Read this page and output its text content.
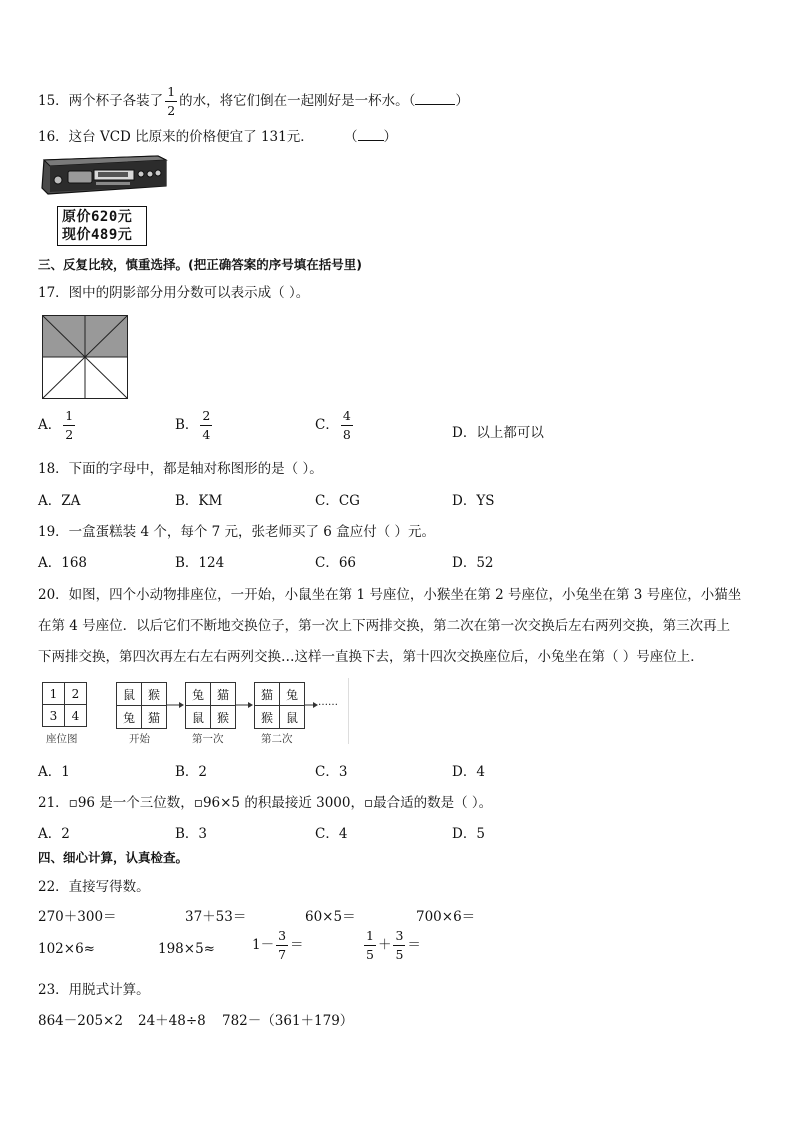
15．两个杯子各装了 $\frac{1}{2}$ 的水，将它们倒在一起刚好是一杯水。（	）
16．这台 VCD 比原来的价格便宜了 131元． （ ）
原价620元
现价489元
三、反复比较，慎重选择。(把正确答案的序号填在括号里)
17．图中的阴影部分用分数可以表示成（ ）。
A． $\frac{1}{2}$	B． $\frac{2}{4}$	C． $\frac{4}{8}$	D．以上都可以
18．下面的字母中，都是轴对称图形的是（ ）。
A．ZA	B．KM	C．CG	D．YS
19．一盒蛋糕装 4 个，每个 7 元，张老师买了 6 盒应付（ ）元。
A．168	B．124	C．66	D．52
20．如图，四个小动物排座位，一开始，小鼠坐在第 1 号座位，小猴坐在第 2 号座位，小兔坐在第 3 号座位，小猫坐
在第 4 号座位．以后它们不断地交换位子，第一次上下两排交换，第二次在第一次交换后左右两列交换，第三次再上
下两排交换，第四次再左右左右两列交换…这样一直换下去，第十四次交换座位后，小兔坐在第（ ）号座位上．
1	2
3	4
座位图
鼠	猴
兔	猫
开始
兔	猫
鼠	猴
第一次
猫	兔
猴	鼠
第二次
……
A．1	B．2	C．3	D．4
21．▫96 是一个三位数，▫96×5 的积最接近 3000，▫最合适的数是（ ）。
A．2	B．3	C．4	D．5
四、细心计算，认真检查。
22．直接写得数。
270＋300＝	37＋53＝	60×5＝	700×6＝
102×6≈	198×5≈	$1- \frac{3}{7}$ ＝	$\frac{1}{5} + \frac{3}{5}$ ＝
23．用脱式计算。
864－205×2 24＋48÷8 782－（361＋179）
